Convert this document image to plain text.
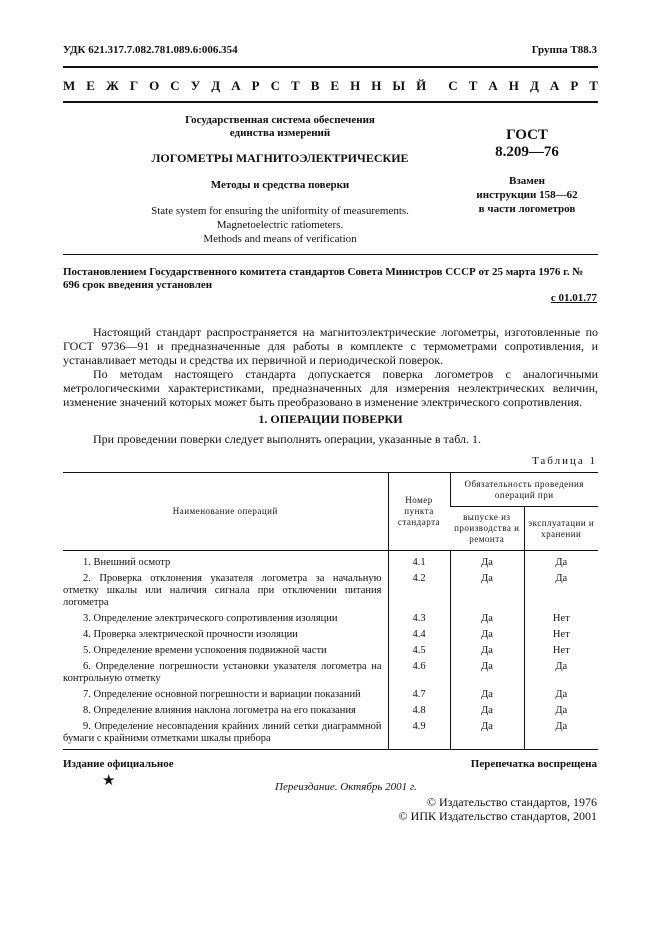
УДК 621.317.7.082.781.089.6:006.354	Группа Т88.3
М Е Ж Г О С У Д А Р С Т В Е Н Н Ы Й С Т А Н Д А Р Т
Государственная система обеспечения
единства измерений
ЛОГОМЕТРЫ МАГНИТОЭЛЕКТРИЧЕСКИЕ
Методы и средства поверки
State system for ensuring the uniformity of measurements.
Magnetoelectric ratiometers.
Methods and means of verification
ГОСТ
8.209—76
Взамен
инструкции 158—62
в части логометров
Постановлением Государственного комитета стандартов Совета Министров СССР от 25 марта 1976 г. № 696 срок введения установлен
с 01.01.77
Настоящий стандарт распространяется на магнитоэлектрические логометры, изготовленные по ГОСТ 9736—91 и предназначенные для работы в комплекте с термометрами сопротивления, и устанавливает методы и средства их первичной и периодической поверок.
По методам настоящего стандарта допускается поверка логометров с аналогичными метрологическими характеристиками, предназначенных для измерения неэлектрических величин, изменение значений которых может быть преобразовано в изменение электрического сопротивления.
1. ОПЕРАЦИИ ПОВЕРКИ
При проведении поверки следует выполнять операции, указанные в табл. 1.
Таблица 1
Наименование операций	Номер пункта стандарта	Обязательность проведения операций при	
		выпуске из производства и ремонта	эксплуатации и хранении

1. Внешний осмотр	4.1	Да	Да

2. Проверка отклонения указателя логометра за начальную отметку шкалы или наличия сигнала при отключении питания логометра	4.2	Да	Да

3. Определение электрического сопротивления изоляции	4.3	Да	Нет

4. Проверка электрической прочности изоляции	4.4	Да	Нет

5. Определение времени успокоения подвижной части	4.5	Да	Нет

6. Определение погрешности установки указателя логометра на контрольную отметку	4.6	Да	Да

7. Определение основной погрешности и вариации показаний	4.7	Да	Да

8. Определение влияния наклона логометра на его показания	4.8	Да	Да

9. Определение несовпадения крайних линий сетки диаграммной бумаги с крайними отметками шкалы прибора	4.9	Да	Да
Издание официальное
★
Перепечатка воспрещена
Переиздание. Октябрь 2001 г.
© Издательство стандартов, 1976
© ИПК Издательство стандартов, 2001
